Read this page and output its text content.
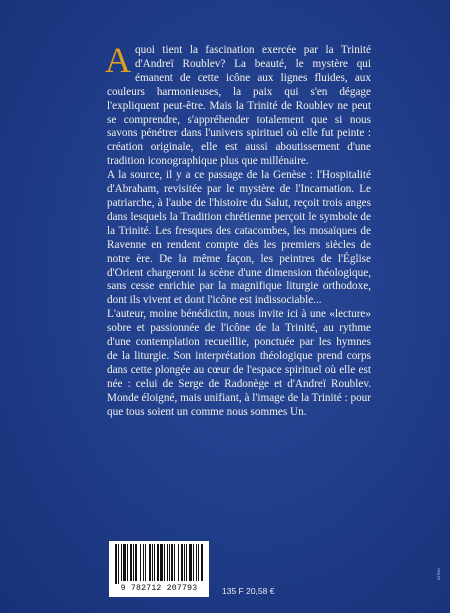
A quoi tient la fascination exercée par la Trinité d'Andreï Roublev? La beauté, le mystère qui émanent de cette icône aux lignes fluides, aux couleurs harmonieuses, la paix qui s'en dégage l'expliquent peut-être. Mais la Trinité de Roublev ne peut se comprendre, s'appréhender totalement que si nous savons pénétrer dans l'univers spirituel où elle fut peinte : création originale, elle est aussi aboutissement d'une tradition iconographique plus que millénaire.

A la source, il y a ce passage de la Genèse : l'Hospitalité d'Abraham, revisitée par le mystère de l'Incarnation. Le patriarche, à l'aube de l'histoire du Salut, reçoit trois anges dans lesquels la Tradition chrétienne perçoit le symbole de la Trinité. Les fresques des catacombes, les mosaïques de Ravenne en rendent compte dès les premiers siècles de notre ère. De la même façon, les peintres de l'Église d'Orient chargeront la scène d'une dimension théologique, sans cesse enrichie par la magnifique liturgie orthodoxe, dont ils vivent et dont l'icône est indissociable...

L'auteur, moine bénédictin, nous invite ici à une «lecture» sobre et passionnée de l'icône de la Trinité, au rythme d'une contemplation recueillie, ponctuée par les hymnes de la liturgie. Son interprétation théologique prend corps dans cette plongée au cœur de l'espace spirituel où elle est née : celui de Serge de Radonège et d'Andreï Roublev. Monde éloigné, mais unifiant, à l'image de la Trinité : pour que tous soient un comme nous sommes Un.

9 782712 207793	135 F 20,58 €
ATRIN
